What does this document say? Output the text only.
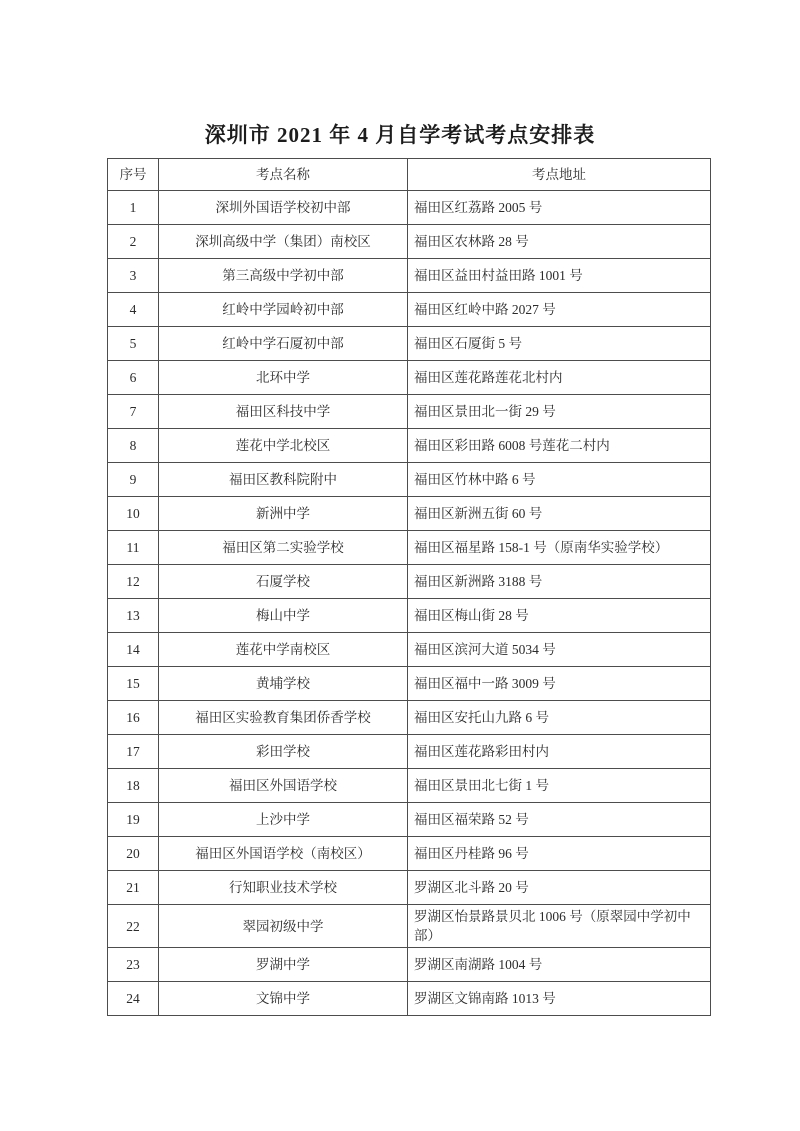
深圳市 2021 年 4 月自学考试考点安排表
序号	考点名称	考点地址
1	深圳外国语学校初中部	福田区红荔路 2005 号
2	深圳高级中学（集团）南校区	福田区农林路 28 号
3	第三高级中学初中部	福田区益田村益田路 1001 号
4	红岭中学园岭初中部	福田区红岭中路 2027 号
5	红岭中学石厦初中部	福田区石厦街 5 号
6	北环中学	福田区莲花路莲花北村内
7	福田区科技中学	福田区景田北一街 29 号
8	莲花中学北校区	福田区彩田路 6008 号莲花二村内
9	福田区教科院附中	福田区竹林中路 6 号
10	新洲中学	福田区新洲五街 60 号
11	福田区第二实验学校	福田区福星路 158-1 号（原南华实验学校）
12	石厦学校	福田区新洲路 3188 号
13	梅山中学	福田区梅山街 28 号
14	莲花中学南校区	福田区滨河大道 5034 号
15	黄埔学校	福田区福中一路 3009 号
16	福田区实验教育集团侨香学校	福田区安托山九路 6 号
17	彩田学校	福田区莲花路彩田村内
18	福田区外国语学校	福田区景田北七街 1 号
19	上沙中学	福田区福荣路 52 号
20	福田区外国语学校（南校区）	福田区丹桂路 96 号
21	行知职业技术学校	罗湖区北斗路 20 号
22	翠园初级中学	罗湖区怡景路景贝北 1006 号（原翠园中学初中部）
23	罗湖中学	罗湖区南湖路 1004 号
24	文锦中学	罗湖区文锦南路 1013 号
